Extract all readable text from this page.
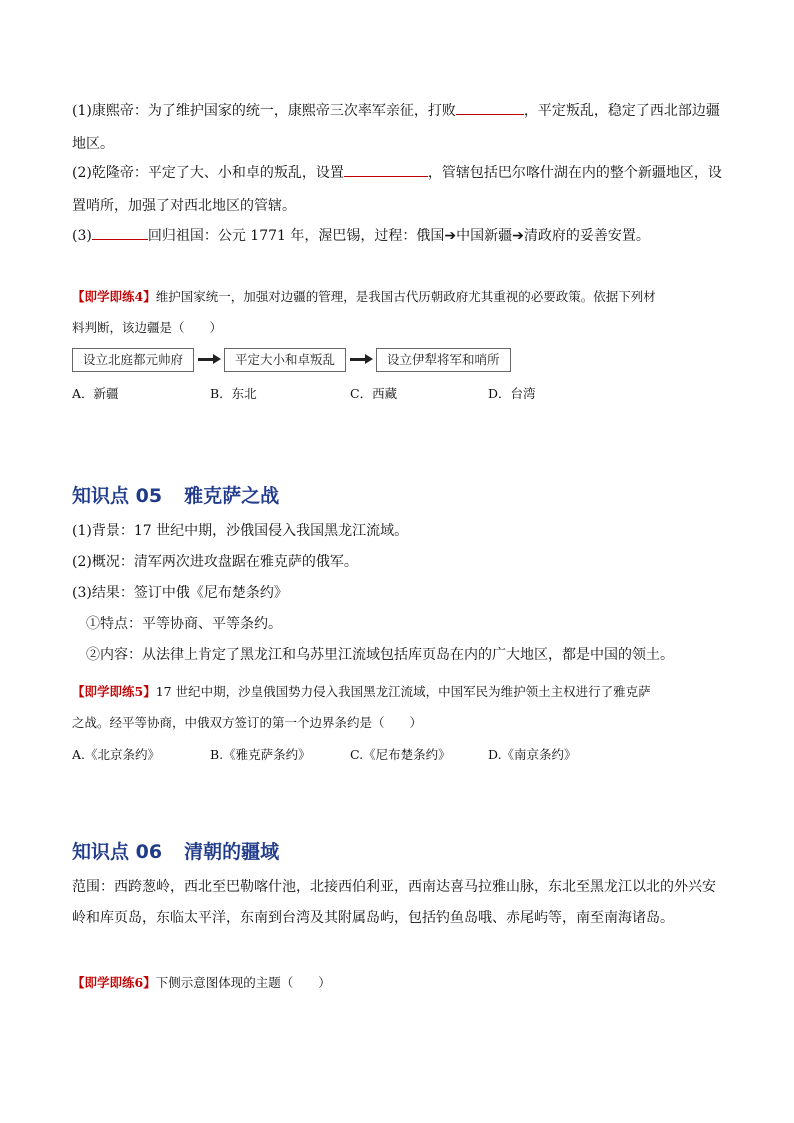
(1)康熙帝：为了维护国家的统一，康熙帝三次率军亲征，打败	，平定叛乱，稳定了西北部边疆

地区。

(2)乾隆帝：平定了大、小和卓的叛乱，设置	，管辖包括巴尔喀什湖在内的整个新疆地区，设

置哨所，加强了对西北地区的管辖。

(3)	回归祖国：公元 1771 年，渥巴锡，过程：俄国➔中国新疆➔清政府的妥善安置。

【即学即练4】维护国家统一，加强对边疆的管理，是我国古代历朝政府尤其重视的必要政策。依据下列材

料判断，该边疆是（　　）

设立北庭都元帅府	平定大小和卓叛乱	设立伊犁将军和哨所
A．新疆	B．东北	C．西藏	D．台湾
知识点 05 雅克萨之战

(1)背景：17 世纪中期，沙俄国侵入我国黑龙江流域。

(2)概况：清军两次进攻盘踞在雅克萨的俄军。

(3)结果：签订中俄《尼布楚条约》

①特点：平等协商、平等条约。

②内容：从法律上肯定了黑龙江和乌苏里江流域包括库页岛在内的广大地区，都是中国的领土。

【即学即练5】17 世纪中期，沙皇俄国势力侵入我国黑龙江流域，中国军民为维护领土主权进行了雅克萨

之战。经平等协商，中俄双方签订的第一个边界条约是（　　）

A.《北京条约》	B.《雅克萨条约》	C.《尼布楚条约》	D.《南京条约》
知识点 06 清朝的疆域

范围：西跨葱岭，西北至巴勒喀什池，北接西伯利亚，西南达喜马拉雅山脉，东北至黑龙江以北的外兴安

岭和库页岛，东临太平洋，东南到台湾及其附属岛屿，包括钓鱼岛哦、赤尾屿等，南至南海诸岛。

【即学即练6】下侧示意图体现的主题（　　）
